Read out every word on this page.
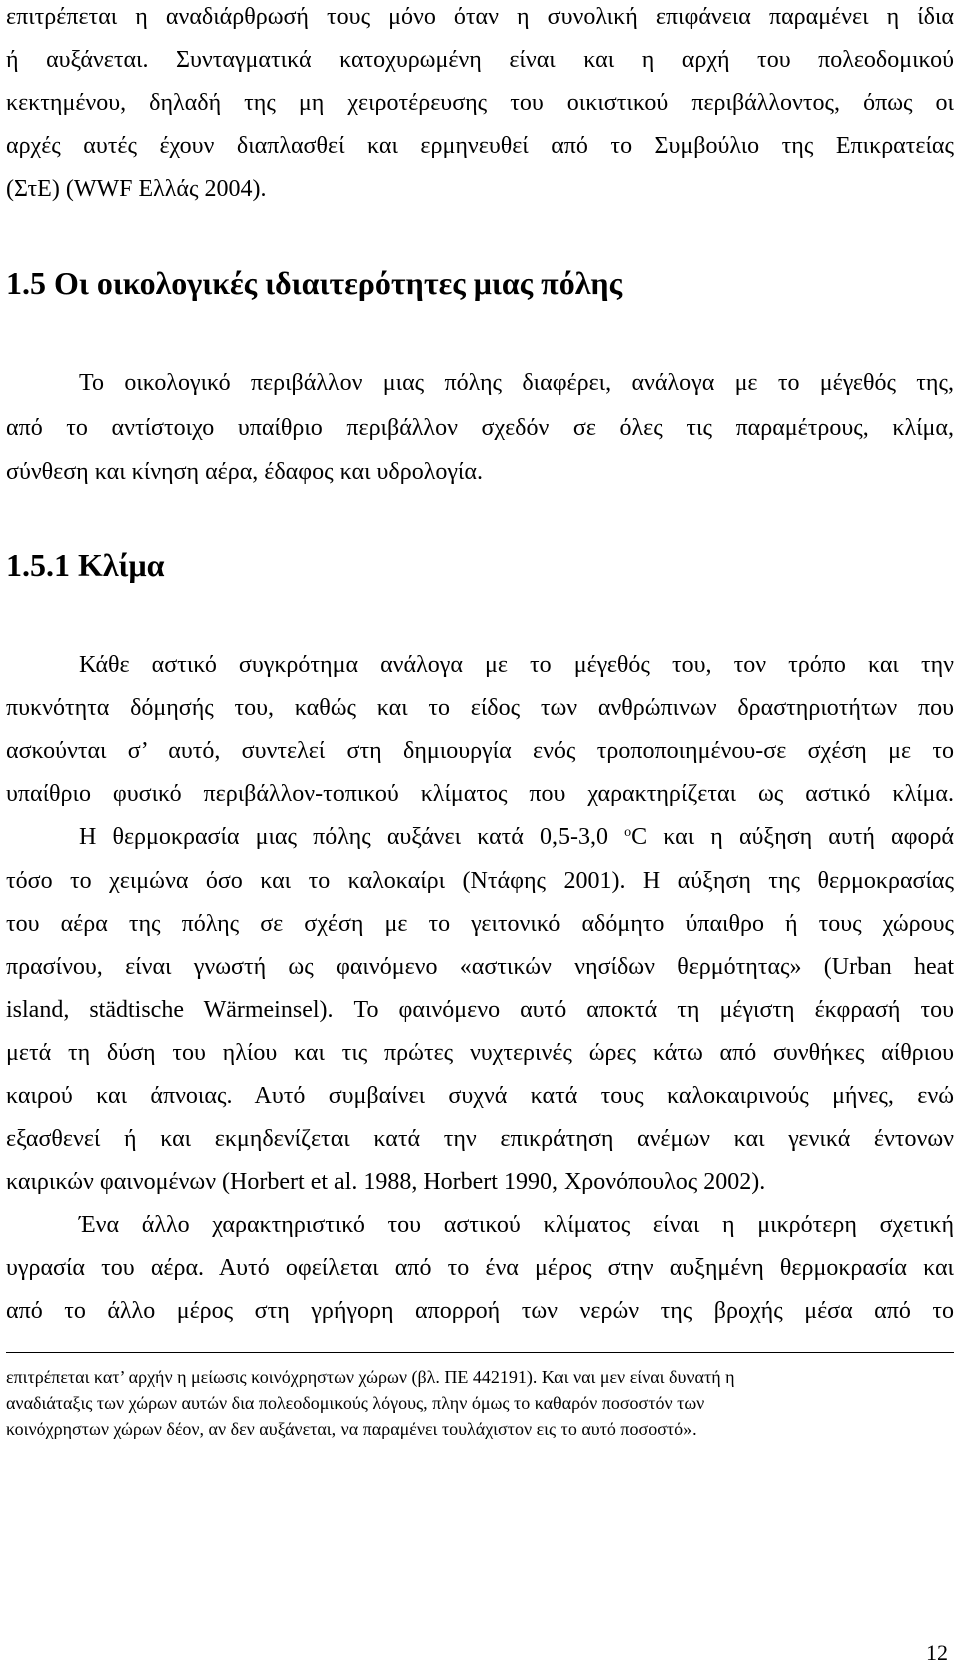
επιτρέπεται η αναδιάρθρωσή τους μόνο όταν η συνολική επιφάνεια παραμένει η ίδια
ή αυξάνεται. Συνταγματικά κατοχυρωμένη είναι και η αρχή του πολεοδομικού
κεκτημένου, δηλαδή της μη χειροτέρευσης του οικιστικού περιβάλλοντος, όπως οι
αρχές αυτές έχουν διαπλασθεί και ερμηνευθεί από το Συμβούλιο της Επικρατείας
(ΣτΕ) (WWF Ελλάς 2004).
1.5 Οι οικολογικές ιδιαιτερότητες μιας πόλης
Το οικολογικό περιβάλλον μιας πόλης διαφέρει, ανάλογα με το μέγεθός της,
από το αντίστοιχο υπαίθριο περιβάλλον σχεδόν σε όλες τις παραμέτρους, κλίμα,
σύνθεση και κίνηση αέρα, έδαφος και υδρολογία.
1.5.1 Κλίμα
Κάθε αστικό συγκρότημα ανάλογα με το μέγεθός του, τον τρόπο και την
πυκνότητα δόμησής του, καθώς και το είδος των ανθρώπινων δραστηριοτήτων που
ασκούνται σ’ αυτό, συντελεί στη δημιουργία ενός τροποποιημένου-σε σχέση με το
υπαίθριο φυσικό περιβάλλον-τοπικού κλίματος που χαρακτηρίζεται ως αστικό κλίμα.
Η θερμοκρασία μιας πόλης αυξάνει κατά 0,5-3,0 $^o$C και η αύξηση αυτή αφορά
τόσο το χειμώνα όσο και το καλοκαίρι (Ντάφης 2001). Η αύξηση της θερμοκρασίας
του αέρα της πόλης σε σχέση με το γειτονικό αδόμητο ύπαιθρο ή τους χώρους
πρασίνου, είναι γνωστή ως φαινόμενο «αστικών νησίδων θερμότητας» (Urban heat
island, städtische Wärmeinsel). Το φαινόμενο αυτό αποκτά τη μέγιστη έκφρασή του
μετά τη δύση του ηλίου και τις πρώτες νυχτερινές ώρες κάτω από συνθήκες αίθριου
καιρού και άπνοιας. Αυτό συμβαίνει συχνά κατά τους καλοκαιρινούς μήνες, ενώ
εξασθενεί ή και εκμηδενίζεται κατά την επικράτηση ανέμων και γενικά έντονων
καιρικών φαινομένων (Horbert et al. 1988, Horbert 1990, Χρονόπουλος 2002).
Ένα άλλο χαρακτηριστικό του αστικού κλίματος είναι η μικρότερη σχετική
υγρασία του αέρα. Αυτό οφείλεται από το ένα μέρος στην αυξημένη θερμοκρασία και
από το άλλο μέρος στη γρήγορη απορροή των νερών της βροχής μέσα από το
επιτρέπεται κατ’ αρχήν η μείωσις κοινόχρηστων χώρων (βλ. ΠΕ 442191). Και ναι μεν είναι δυνατή η
αναδιάταξις των χώρων αυτών δια πολεοδομικούς λόγους, πλην όμως το καθαρόν ποσοστόν των
κοινόχρηστων χώρων δέον, αν δεν αυξάνεται, να παραμένει τουλάχιστον εις το αυτό ποσοστό».
12
